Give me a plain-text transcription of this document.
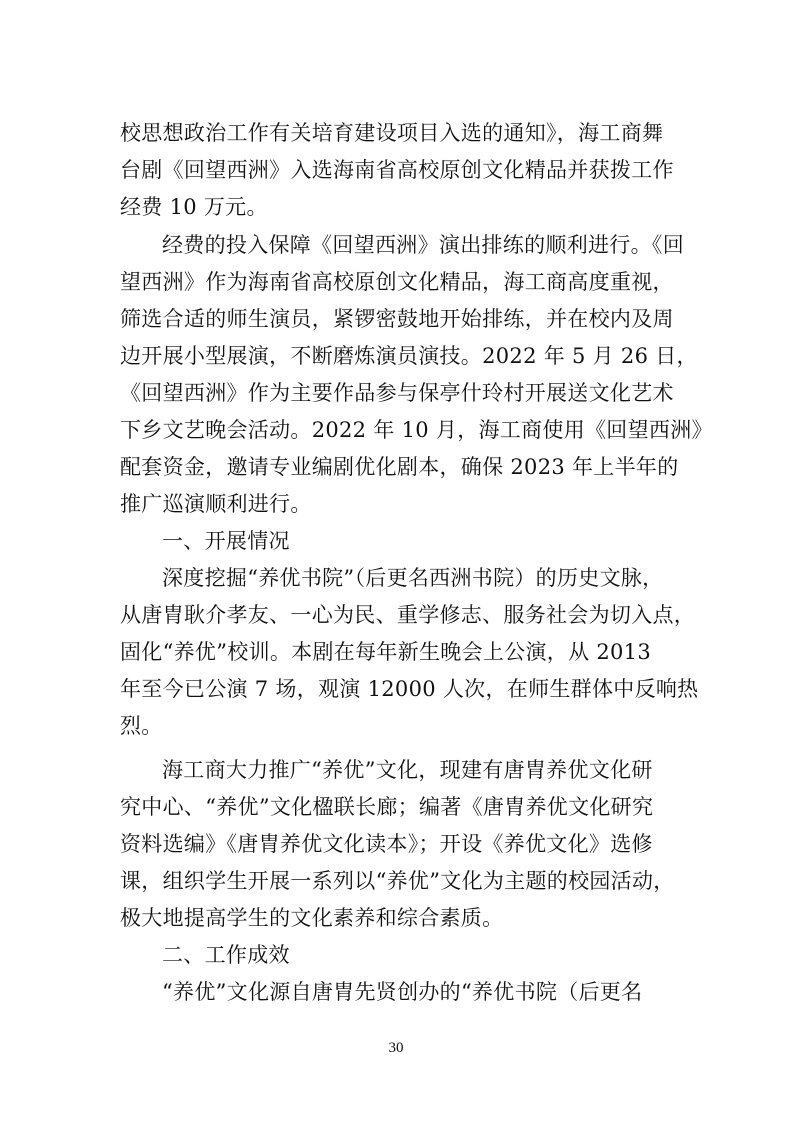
校思想政治工作有关培育建设项目入选的通知》，海工商舞
台剧《回望西洲》入选海南省高校原创文化精品并获拨工作
经费 10 万元。
经费的投入保障《回望西洲》演出排练的顺利进行。《回
望西洲》作为海南省高校原创文化精品，海工商高度重视，
筛选合适的师生演员，紧锣密鼓地开始排练，并在校内及周
边开展小型展演，不断磨炼演员演技。2022 年 5 月 26 日，
《回望西洲》作为主要作品参与保亭什玲村开展送文化艺术
下乡文艺晚会活动。2022 年 10 月，海工商使用《回望西洲》
配套资金，邀请专业编剧优化剧本，确保 2023 年上半年的
推广巡演顺利进行。
一、开展情况
深度挖掘“养优书院”（后更名西洲书院）的历史文脉，
从唐胄耿介孝友、一心为民、重学修志、服务社会为切入点，
固化“养优”校训。本剧在每年新生晚会上公演，从 2013
年至今已公演 7 场，观演 12000 人次，在师生群体中反响热
烈。
海工商大力推广“养优”文化，现建有唐胄养优文化研
究中心、“养优”文化楹联长廊；编著《唐胄养优文化研究
资料选编》《唐胄养优文化读本》；开设《养优文化》选修
课，组织学生开展一系列以“养优”文化为主题的校园活动，
极大地提高学生的文化素养和综合素质。
二、工作成效
“养优”文化源自唐胄先贤创办的“养优书院（后更名
30
